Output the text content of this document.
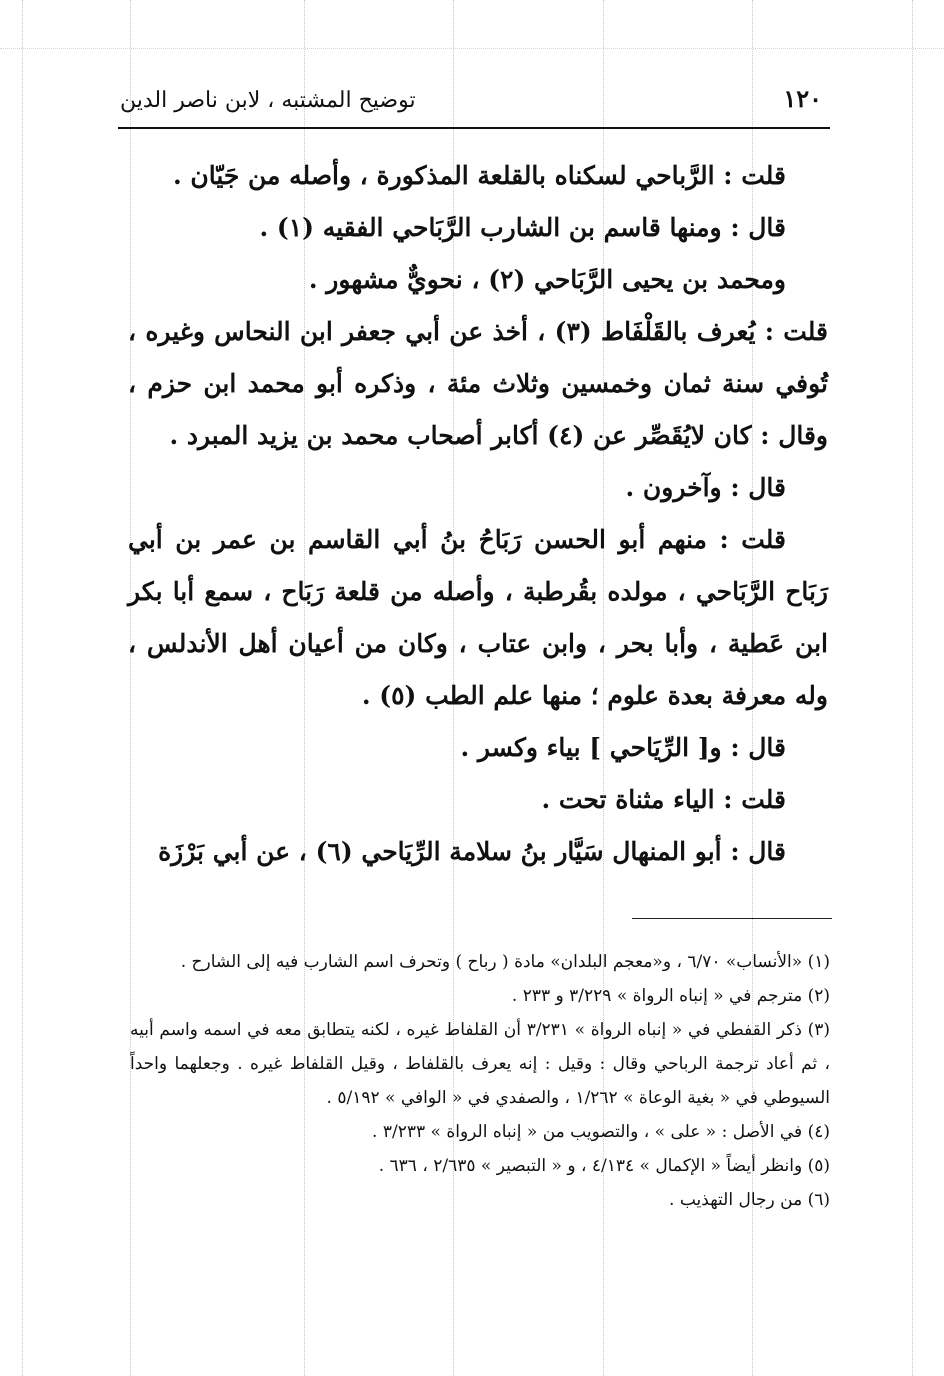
١٢٠
توضيح المشتبه ، لابن ناصر الدين

قلت : الرَّباحي لسكناه بالقلعة المذكورة ، وأصله من جَيّان .

قال : ومنها قاسم بن الشارب الرَّبَاحي الفقيه (١) .

ومحمد بن يحيى الرَّبَاحي (٢) ، نحويٌّ مشهور .

قلت : يُعرف بالقَلْفَاط (٣) ، أخذ عن أبي جعفر ابن النحاس وغيره ، تُوفي سنة ثمان وخمسين وثلاث مئة ، وذكره أبو محمد ابن حزم ، وقال : كان لايُقَصِّر عن (٤) أكابر أصحاب محمد بن يزيد المبرد .

قال : وآخرون .

قلت : منهم أبو الحسن رَبَاحُ بنُ أبي القاسم بن عمر بن أبي رَبَاح الرَّبَاحي ، مولده بقُرطبة ، وأصله من قلعة رَبَاح ، سمع أبا بكر ابن عَطية ، وأبا بحر ، وابن عتاب ، وكان من أعيان أهل الأندلس ، وله معرفة بعدة علوم ؛ منها علم الطب (٥) .

قال : و[ الرِّيَاحي ] بياء وكسر .

قلت : الياء مثناة تحت .

قال : أبو المنهال سَيَّار بنُ سلامة الرِّيَاحي (٦) ، عن أبي بَرْزَة

(١) «الأنساب» ٦/٧٠ ، و«معجم البلدان» مادة ( رباح ) وتحرف اسم الشارب فيه إلى الشارح .

(٢) مترجم في « إنباه الرواة » ٣/٢٢٩ و ٢٣٣ .

(٣) ذكر القفطي في « إنباه الرواة » ٣/٢٣١ أن القلفاط غيره ، لكنه يتطابق معه في اسمه واسم أبيه ، ثم أعاد ترجمة الرباحي وقال : وقيل : إنه يعرف بالقلفاط ، وقيل القلفاط غيره . وجعلهما واحداً السيوطي في « بغية الوعاة » ١/٢٦٢ ، والصفدي في « الوافي » ٥/١٩٢ .

(٤) في الأصل : « على » ، والتصويب من « إنباه الرواة » ٣/٢٣٣ .

(٥) وانظر أيضاً « الإكمال » ٤/١٣٤ ، و « التبصير » ٢/٦٣٥ ، ٦٣٦ .

(٦) من رجال التهذيب .
